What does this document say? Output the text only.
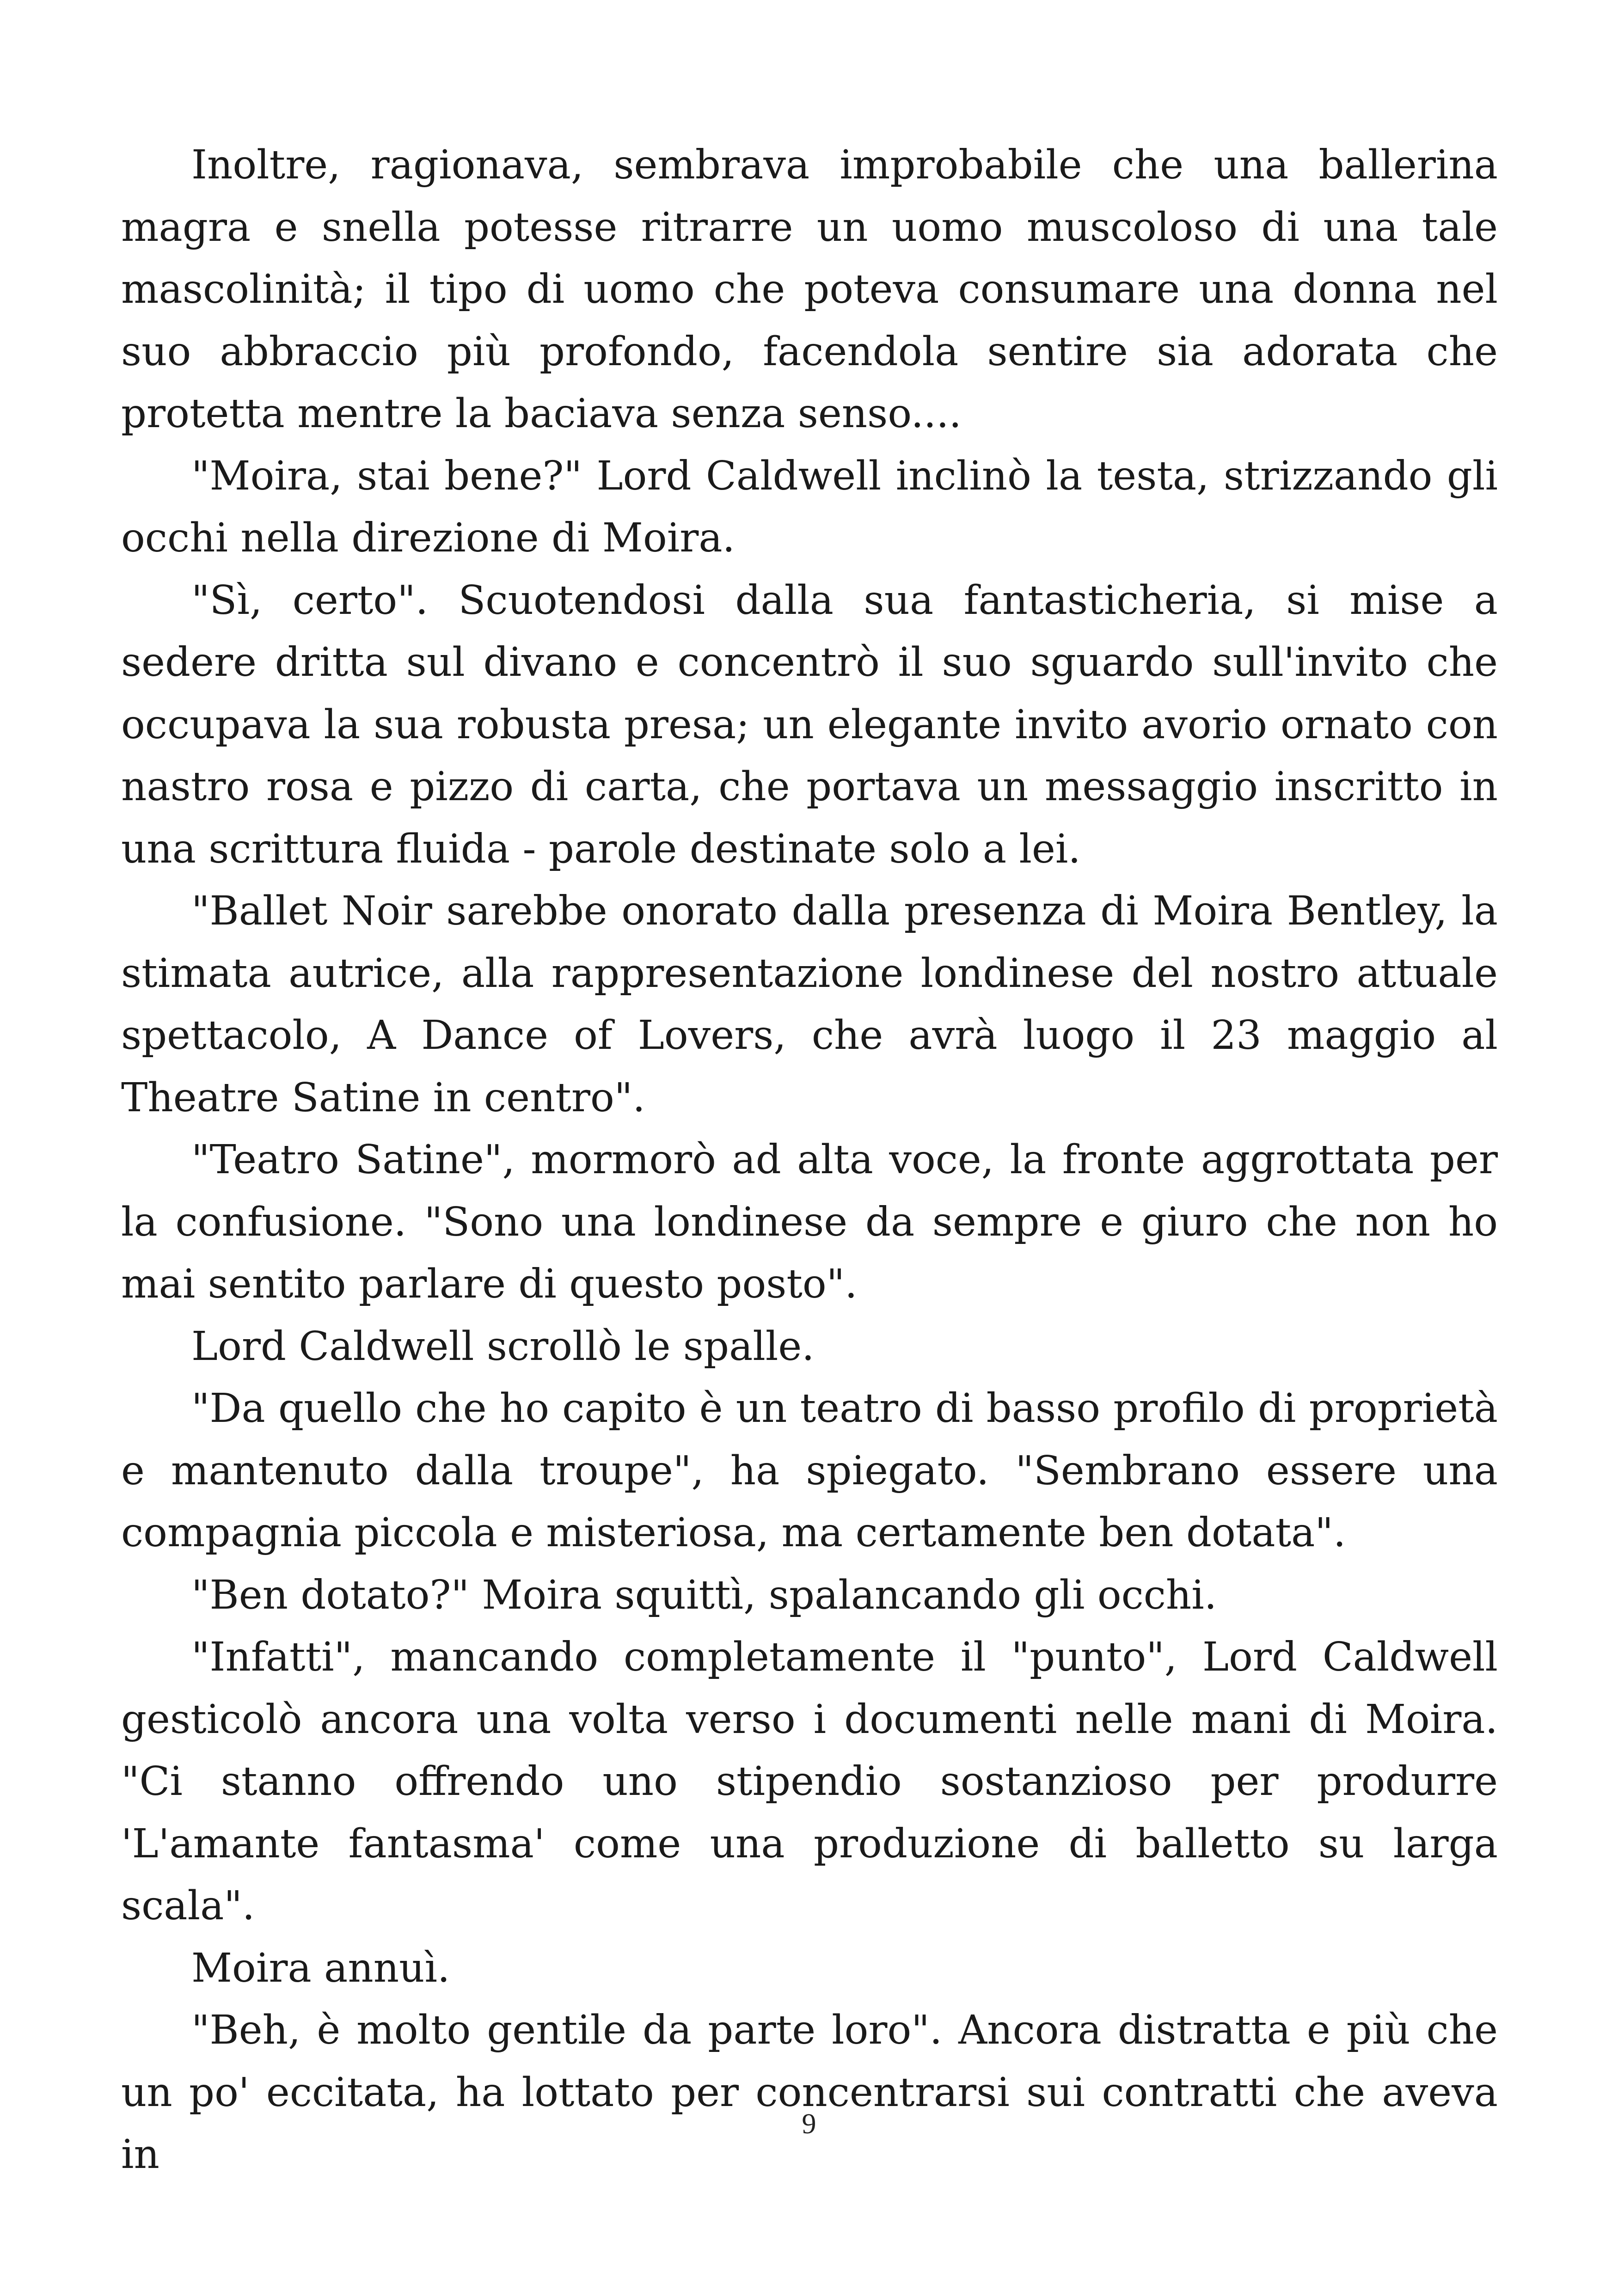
Inoltre, ragionava, sembrava improbabile che una ballerina magra e snella potesse ritrarre un uomo muscoloso di una tale mascolinità; il tipo di uomo che poteva consumare una donna nel suo abbraccio più profondo, facendola sentire sia adorata che protetta mentre la baciava senza senso....

"Moira, stai bene?" Lord Caldwell inclinò la testa, strizzando gli occhi nella direzione di Moira.

"Sì, certo". Scuotendosi dalla sua fantasticheria, si mise a sedere dritta sul divano e concentrò il suo sguardo sull'invito che occupava la sua robusta presa; un elegante invito avorio ornato con nastro rosa e pizzo di carta, che portava un messaggio inscritto in una scrittura fluida - parole destinate solo a lei.

"Ballet Noir sarebbe onorato dalla presenza di Moira Bentley, la stimata autrice, alla rappresentazione londinese del nostro attuale spettacolo, A Dance of Lovers, che avrà luogo il 23 maggio al Theatre Satine in centro".

"Teatro Satine", mormorò ad alta voce, la fronte aggrottata per la confusione. "Sono una londinese da sempre e giuro che non ho mai sentito parlare di questo posto".

Lord Caldwell scrollò le spalle.

"Da quello che ho capito è un teatro di basso profilo di proprietà e mantenuto dalla troupe", ha spiegato. "Sembrano essere una compagnia piccola e misteriosa, ma certamente ben dotata".

"Ben dotato?" Moira squittì, spalancando gli occhi.

"Infatti", mancando completamente il "punto", Lord Caldwell gesticolò ancora una volta verso i documenti nelle mani di Moira. "Ci stanno offrendo uno stipendio sostanzioso per produrre 'L'amante fantasma' come una produzione di balletto su larga scala".

Moira annuì.

"Beh, è molto gentile da parte loro". Ancora distratta e più che un po' eccitata, ha lottato per concentrarsi sui contratti che aveva in

9
